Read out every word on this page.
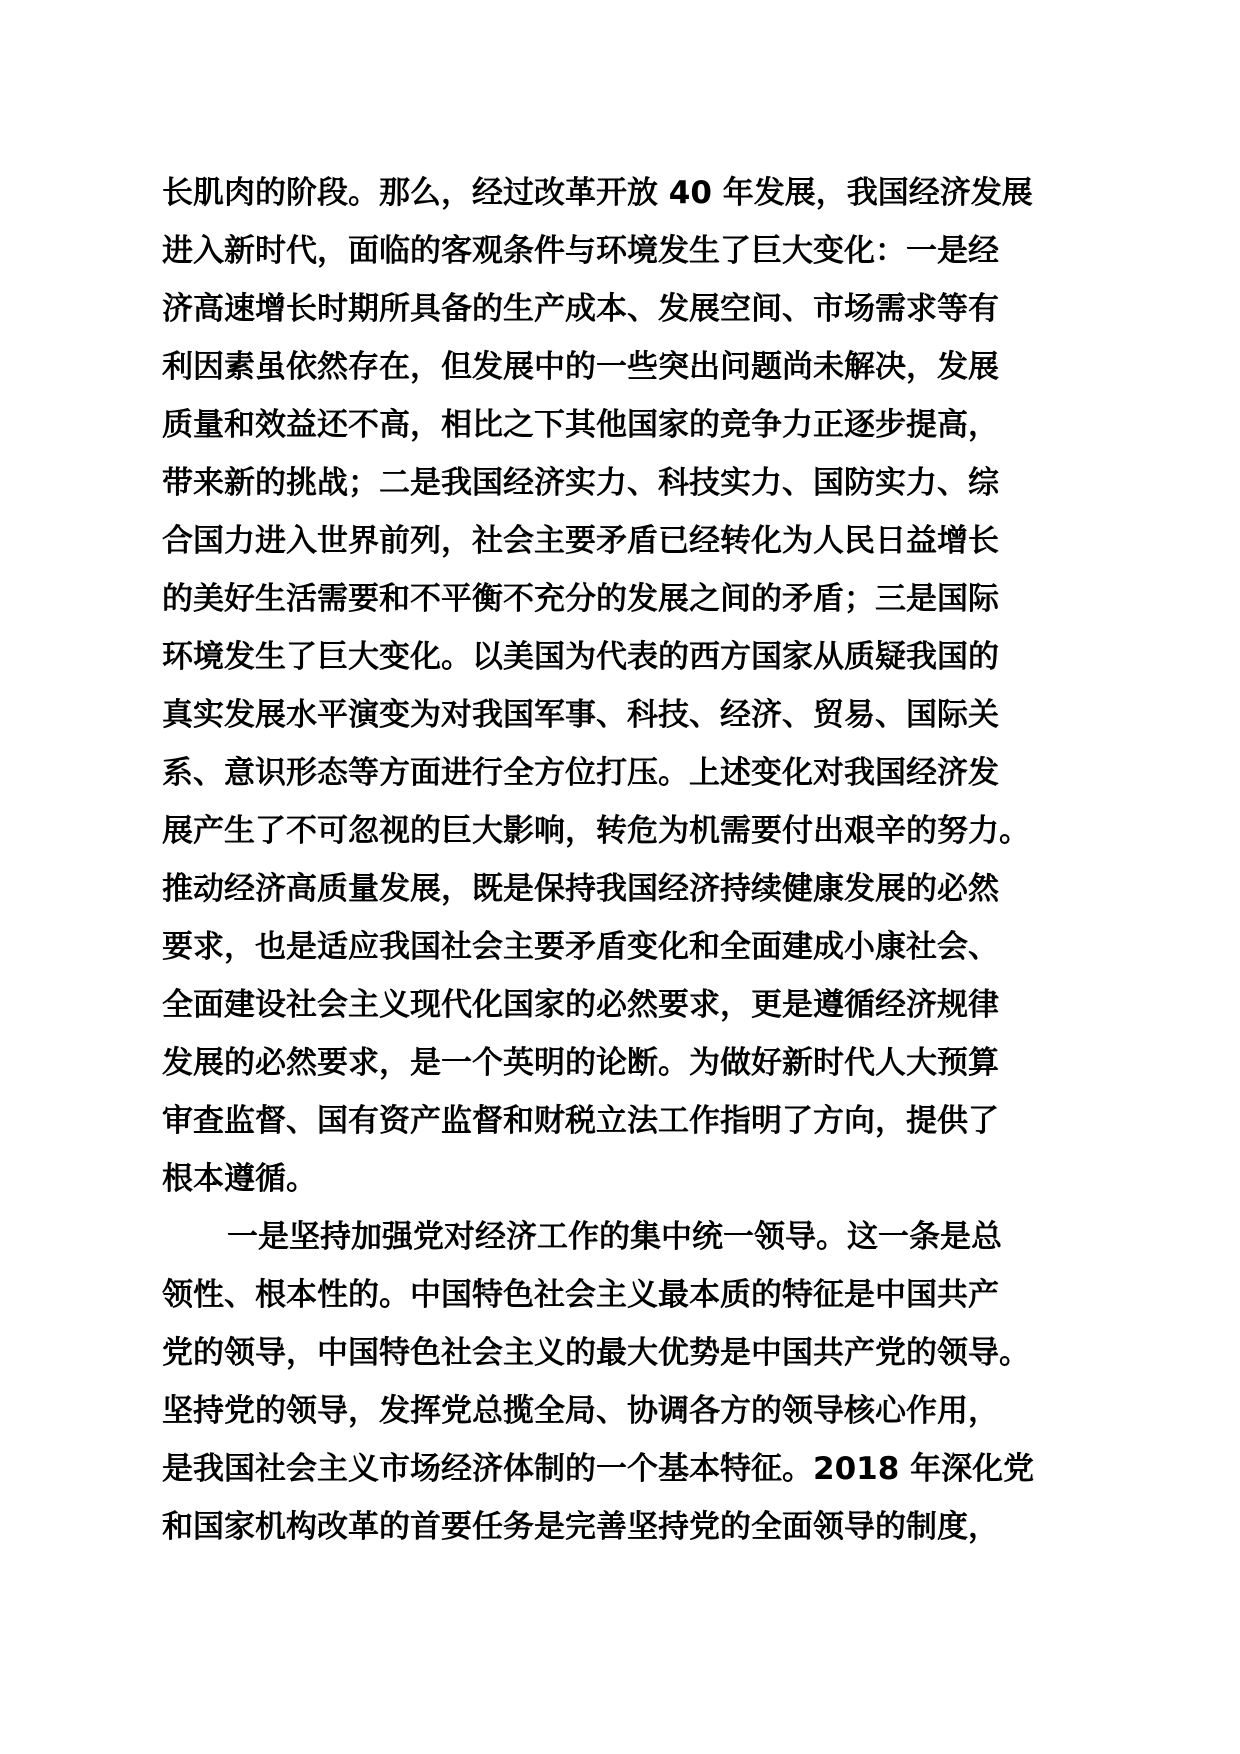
长肌肉的阶段。那么，经过改革开放 40 年发展，我国经济发展
进入新时代，面临的客观条件与环境发生了巨大变化：一是经
济高速增长时期所具备的生产成本、发展空间、市场需求等有
利因素虽依然存在，但发展中的一些突出问题尚未解决，发展
质量和效益还不高，相比之下其他国家的竞争力正逐步提高，
带来新的挑战；二是我国经济实力、科技实力、国防实力、综
合国力进入世界前列，社会主要矛盾已经转化为人民日益增长
的美好生活需要和不平衡不充分的发展之间的矛盾；三是国际
环境发生了巨大变化。以美国为代表的西方国家从质疑我国的
真实发展水平演变为对我国军事、科技、经济、贸易、国际关
系、意识形态等方面进行全方位打压。上述变化对我国经济发
展产生了不可忽视的巨大影响，转危为机需要付出艰辛的努力。
推动经济高质量发展，既是保持我国经济持续健康发展的必然
要求，也是适应我国社会主要矛盾变化和全面建成小康社会、
全面建设社会主义现代化国家的必然要求，更是遵循经济规律
发展的必然要求，是一个英明的论断。为做好新时代人大预算
审查监督、国有资产监督和财税立法工作指明了方向，提供了
根本遵循。
一是坚持加强党对经济工作的集中统一领导。这一条是总
领性、根本性的。中国特色社会主义最本质的特征是中国共产
党的领导，中国特色社会主义的最大优势是中国共产党的领导。
坚持党的领导，发挥党总揽全局、协调各方的领导核心作用，
是我国社会主义市场经济体制的一个基本特征。2018 年深化党
和国家机构改革的首要任务是完善坚持党的全面领导的制度，
